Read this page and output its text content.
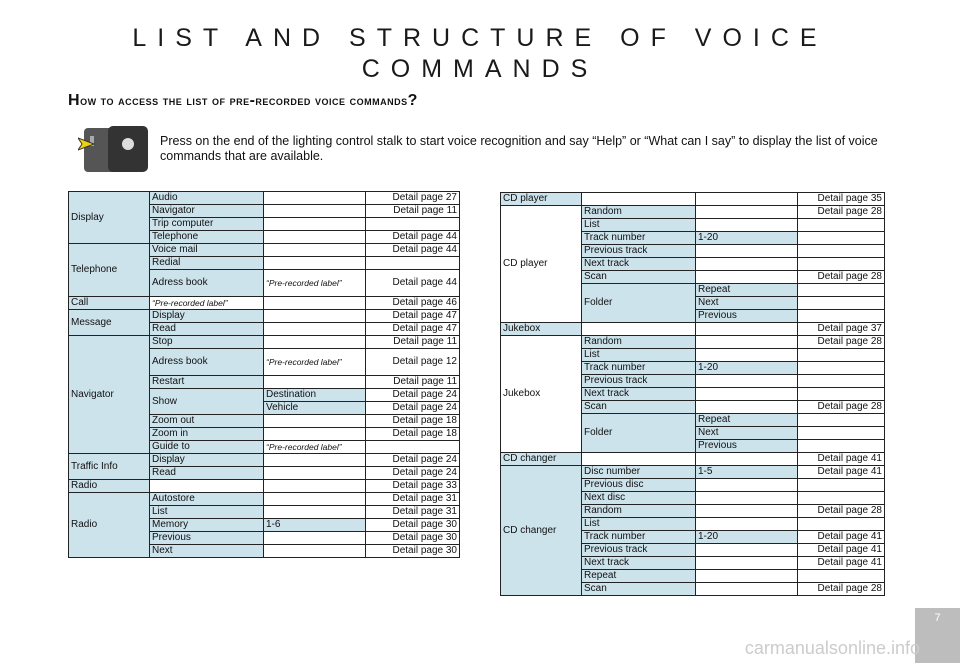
LIST AND STRUCTURE OF VOICE
COMMANDS
How to access the list of pre-recorded voice commands?
Press on the end of the lighting control stalk to start voice recognition and say “Help” or “What can I say” to display the list of voice commands that are available.
Display	Audio		Detail page 27	
	Navigator		Detail page 11	
	Trip computer			
	Telephone		Detail page 44	
Telephone	Voice mail		Detail page 44	
	Redial			
	Adress book	“Pre-recorded label”	Detail page 44	
Call	“Pre-recorded label”		Detail page 46	
Message	Display		Detail page 47	
	Read		Detail page 47	
Navigator	Stop		Detail page 11	
	Adress book	“Pre-recorded label”	Detail page 12	
	Restart		Detail page 11	
	Show	Destination	Detail page 24	
		Vehicle	Detail page 24	
	Zoom out		Detail page 18	
	Zoom in		Detail page 18	
	Guide to	“Pre-recorded label”		
Traffic Info	Display		Detail page 24	
	Read		Detail page 24	
Radio			Detail page 33	
Radio	Autostore		Detail page 31	
	List		Detail page 31	
	Memory	1-6	Detail page 30	
	Previous		Detail page 30	
	Next		Detail page 30	
CD player			Detail page 35
CD player	Random		Detail page 28
	List		
	Track number	1-20	
	Previous track		
	Next track		
	Scan		Detail page 28
	Folder	Repeat	
		Next	
		Previous	
Jukebox			Detail page 37
Jukebox	Random		Detail page 28
	List		
	Track number	1-20	
	Previous track		
	Next track		
	Scan		Detail page 28
	Folder	Repeat	
		Next	
		Previous	
CD changer			Detail page 41
CD changer	Disc number	1-5	Detail page 41
	Previous disc		
	Next disc		
	Random		Detail page 28
	List		
	Track number	1-20	Detail page 41
	Previous track		Detail page 41
	Next track		Detail page 41
	Repeat		
	Scan		Detail page 28
7
carmanualsonline.info
